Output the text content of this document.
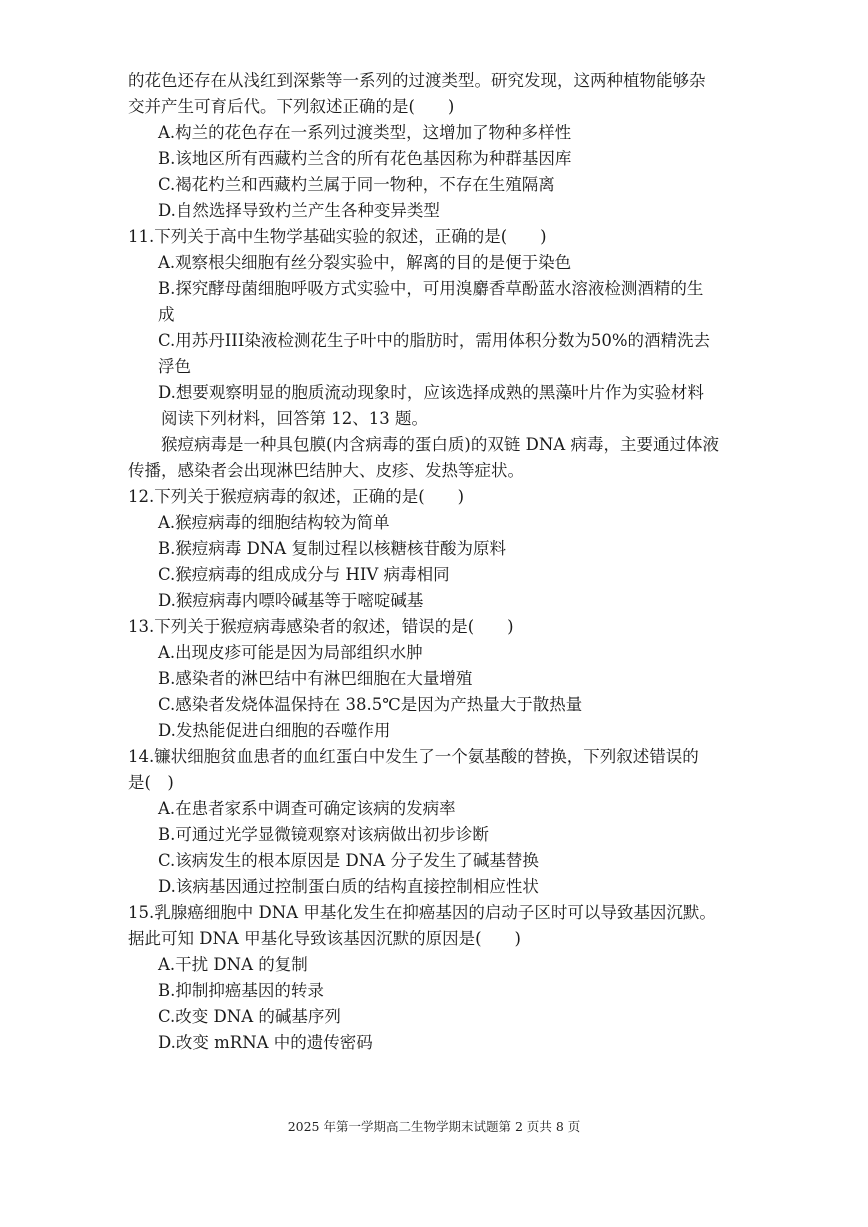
的花色还存在从浅红到深紫等一系列的过渡类型。研究发现，这两种植物能够杂
交并产生可育后代。下列叙述正确的是(　　)
A.构兰的花色存在一系列过渡类型，这增加了物种多样性
B.该地区所有西藏杓兰含的所有花色基因称为种群基因库
C.褐花杓兰和西藏杓兰属于同一物种，不存在生殖隔离
D.自然选择导致杓兰产生各种变异类型
11.下列关于高中生物学基础实验的叙述，正确的是(　　)
A.观察根尖细胞有丝分裂实验中，解离的目的是便于染色
B.探究酵母菌细胞呼吸方式实验中，可用溴麝香草酚蓝水溶液检测酒精的生
成
C.用苏丹III染液检测花生子叶中的脂肪时，需用体积分数为50%的酒精洗去
浮色
D.想要观察明显的胞质流动现象时，应该选择成熟的黑藻叶片作为实验材料
阅读下列材料，回答第 12、13 题。
猴痘病毒是一种具包膜(内含病毒的蛋白质)的双链 DNA 病毒，主要通过体液
传播，感染者会出现淋巴结肿大、皮疹、发热等症状。
12.下列关于猴痘病毒的叙述，正确的是(　　)
A.猴痘病毒的细胞结构较为简单
B.猴痘病毒 DNA 复制过程以核糖核苷酸为原料
C.猴痘病毒的组成成分与 HIV 病毒相同
D.猴痘病毒内嘌呤碱基等于嘧啶碱基
13.下列关于猴痘病毒感染者的叙述，错误的是(　　)
A.出现皮疹可能是因为局部组织水肿
B.感染者的淋巴结中有淋巴细胞在大量增殖
C.感染者发烧体温保持在 38.5℃是因为产热量大于散热量
D.发热能促进白细胞的吞噬作用
14.镰状细胞贫血患者的血红蛋白中发生了一个氨基酸的替换，下列叙述错误的
是(　)
A.在患者家系中调查可确定该病的发病率
B.可通过光学显微镜观察对该病做出初步诊断
C.该病发生的根本原因是 DNA 分子发生了碱基替换
D.该病基因通过控制蛋白质的结构直接控制相应性状
15.乳腺癌细胞中 DNA 甲基化发生在抑癌基因的启动子区时可以导致基因沉默。
据此可知 DNA 甲基化导致该基因沉默的原因是(　　)
A.干扰 DNA 的复制
B.抑制抑癌基因的转录
C.改变 DNA 的碱基序列
D.改变 mRNA 中的遗传密码
2025 年第一学期高二生物学期末试题第 2 页共 8 页
